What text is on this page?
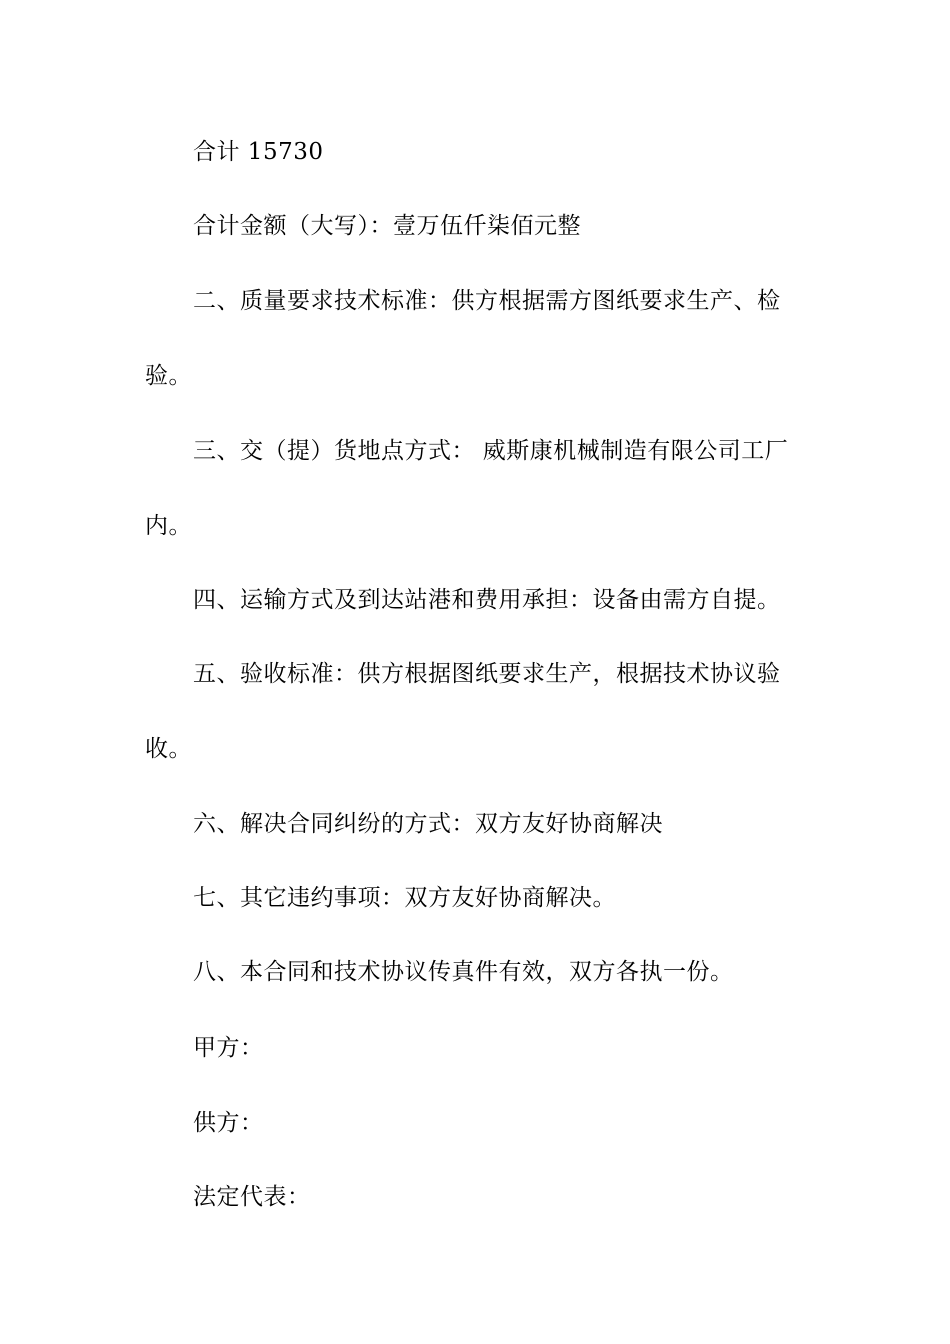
合计 15730
合计金额（大写）：壹万伍仟柒佰元整
二、质量要求技术标准：供方根据需方图纸要求生产、检
验。
三、交（提）货地点方式： 威斯康机械制造有限公司工厂
内。
四、运输方式及到达站港和费用承担：设备由需方自提。
五、验收标准：供方根据图纸要求生产，根据技术协议验
收。
六、解决合同纠纷的方式：双方友好协商解决
七、其它违约事项：双方友好协商解决。
八、本合同和技术协议传真件有效，双方各执一份。
甲方：
供方：
法定代表：
